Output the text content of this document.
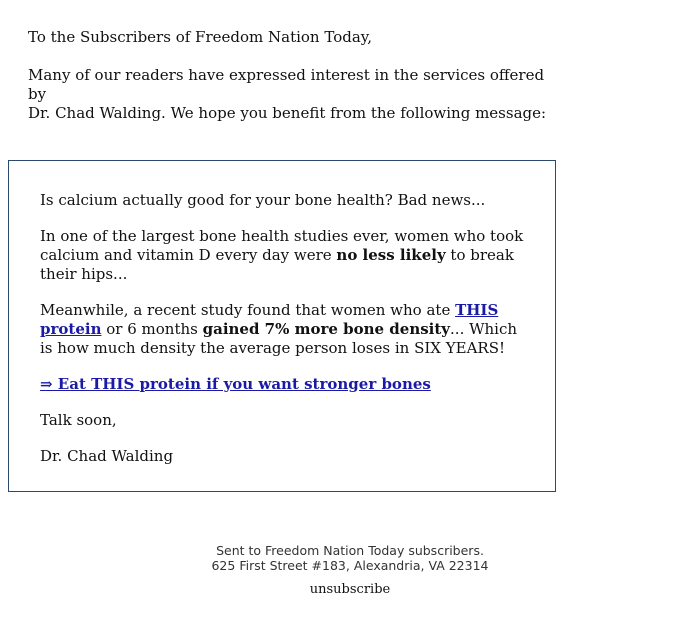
To the Subscribers of Freedom Nation Today,

Many of our readers have expressed interest in the services offered by

Dr. Chad Walding. We hope you benefit from the following message:

Is calcium actually good for your bone health? Bad news...

In one of the largest bone health studies ever, women who took calcium and vitamin D every day were no less likely to break their hips...

Meanwhile, a recent study found that women who ate THIS protein or 6 months gained 7% more bone density... Which is how much density the average person loses in SIX YEARS!

⇒ Eat THIS protein if you want stronger bones

Talk soon,

Dr. Chad Walding

Sent to Freedom Nation Today subscribers.

625 First Street #183, Alexandria, VA 22314

unsubscribe
